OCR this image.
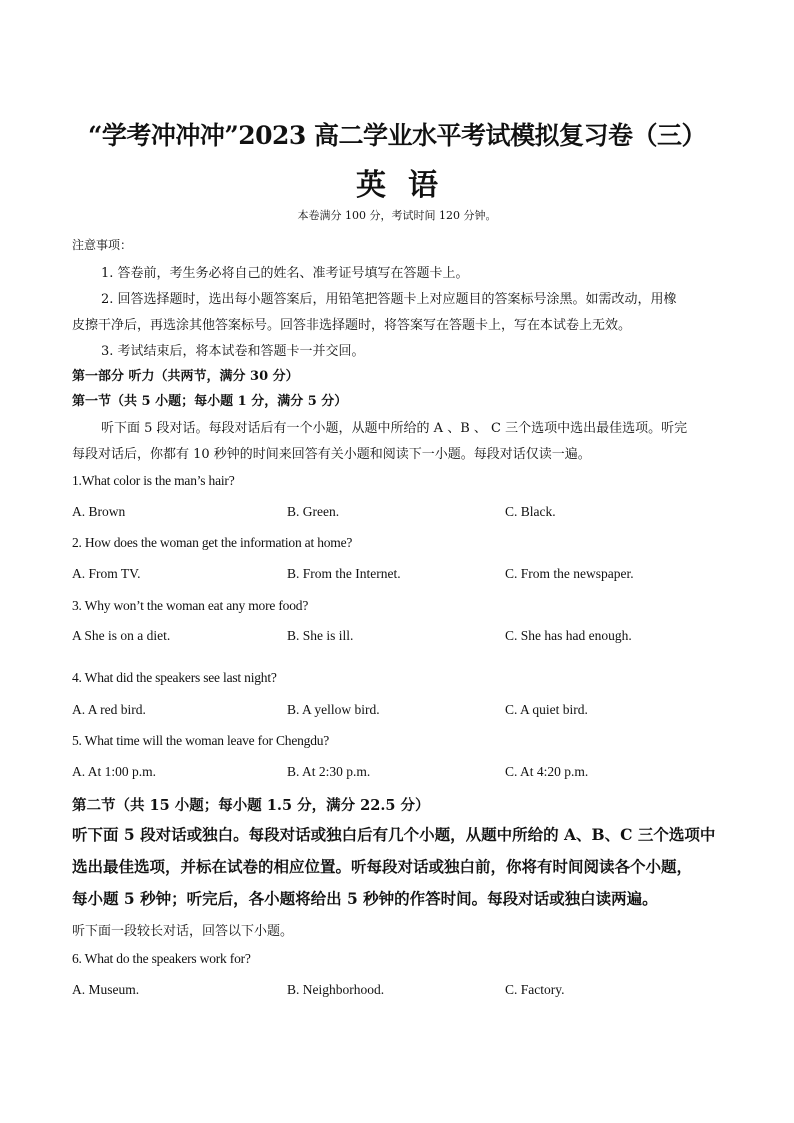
“学考冲冲冲”2023 高二学业水平考试模拟复习卷（三）
英语
本卷满分 100 分，考试时间 120 分钟。
注意事项：
1. 答卷前，考生务必将自己的姓名、准考证号填写在答题卡上。
2. 回答选择题时，选出每小题答案后，用铅笔把答题卡上对应题目的答案标号涂黑。如需改动，用橡
皮擦干净后，再选涂其他答案标号。回答非选择题时，将答案写在答题卡上，写在本试卷上无效。
3. 考试结束后，将本试卷和答题卡一并交回。
第一部分 听力（共两节，满分 30 分）
第一节（共 5 小题；每小题 1 分，满分 5 分）
听下面 5 段对话。每段对话后有一个小题，从题中所给的 A 、B 、 C 三个选项中选出最佳选项。听完
每段对话后，你都有 10 秒钟的时间来回答有关小题和阅读下一小题。每段对话仅读一遍。
1.What color is the man’s hair?
A. Brown	B. Green.	C. Black.
2. How does the woman get the information at home?
A. From TV.	B. From the Internet.	C. From the newspaper.
3. Why won’t the woman eat any more food?
A She is on a diet.	B. She is ill.	C. She has had enough.
4. What did the speakers see last night?
A. A red bird.	B. A yellow bird.	C. A quiet bird.
5. What time will the woman leave for Chengdu?
A. At 1:00 p.m.	B. At 2:30 p.m.	C. At 4:20 p.m.
第二节（共 15 小题；每小题 1.5 分，满分 22.5 分）
听下面 5 段对话或独白。每段对话或独白后有几个小题，从题中所给的 A、B、C 三个选项中
选出最佳选项，并标在试卷的相应位置。听每段对话或独白前，你将有时间阅读各个小题，
每小题 5 秒钟；听完后，各小题将给出 5 秒钟的作答时间。每段对话或独白读两遍。
听下面一段较长对话，回答以下小题。
6. What do the speakers work for?
A. Museum.	B. Neighborhood.	C. Factory.
